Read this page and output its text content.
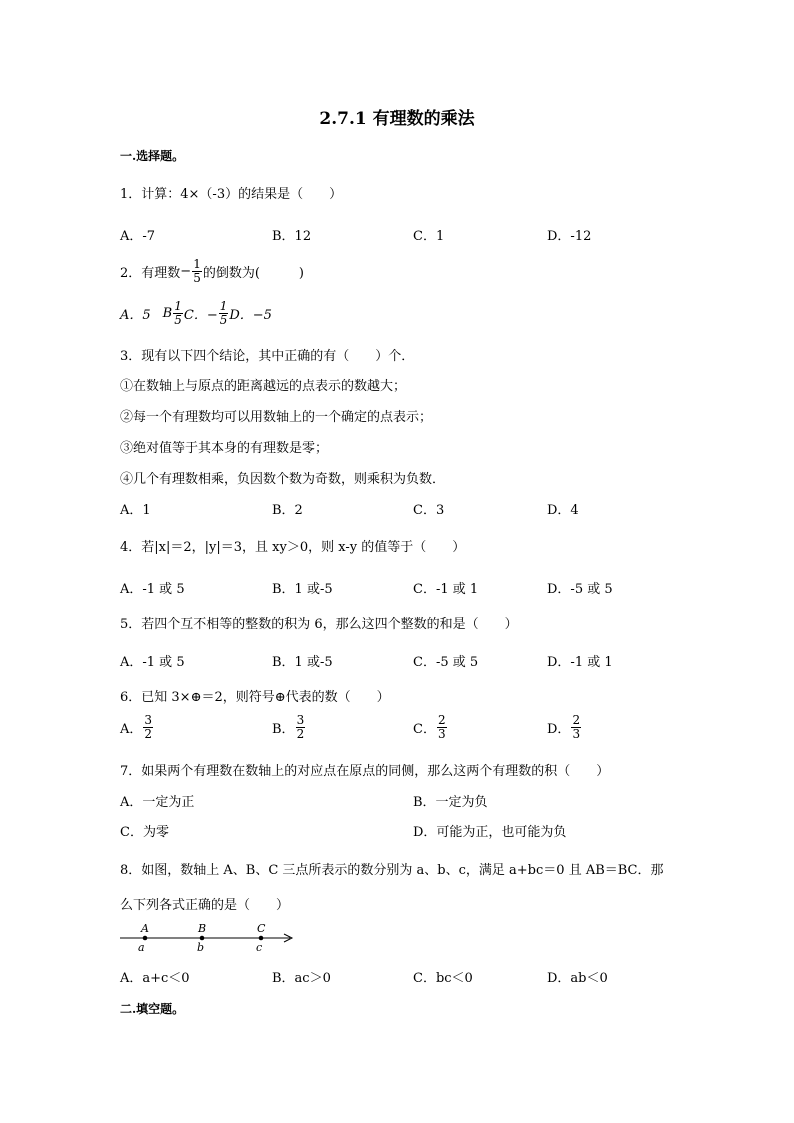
2.7.1 有理数的乘法
一.选择题。
1．计算：4×（-3）的结果是（　　）
A．-7	B．12	C．1	D．-12
2．有理数 − $\frac{1}{5}$ 的倒数为(　　　)
A．5 B $\frac{1}{5}$ C．− $\frac{1}{5}$ D．−5
3．现有以下四个结论，其中正确的有（　　）个．
①在数轴上与原点的距离越远的点表示的数越大；
②每一个有理数均可以用数轴上的一个确定的点表示；
③绝对值等于其本身的有理数是零；
④几个有理数相乘，负因数个数为奇数，则乘积为负数．
A．1	B．2	C．3	D．4
4．若|x|＝2，|y|＝3，且 xy＞0，则 x-y 的值等于（　　）
A．-1 或 5	B．1 或-5	C．-1 或 1	D．-5 或 5
5．若四个互不相等的整数的积为 6，那么这四个整数的和是（　　）
A．-1 或 5	B．1 或-5	C．-5 或 5	D．-1 或 1
6．已知 3×⊕＝2，则符号⊕代表的数（　　）
A． $\frac{3}{2}$	B． $\frac{3}{2}$	C． $\frac{2}{3}$	D． $\frac{2}{3}$
7．如果两个有理数在数轴上的对应点在原点的同侧，那么这两个有理数的积（　　）
A．一定为正	B．一定为负
C．为零	D．可能为正，也可能为负
8．如图，数轴上 A、B、C 三点所表示的数分别为 a、b、c，满足 a+bc＝0 且 AB＝BC．那
么下列各式正确的是（　　）
A	B	C
a	b	c
A．a+c＜0	B．ac＞0	C．bc＜0	D．ab＜0
二.填空题。
